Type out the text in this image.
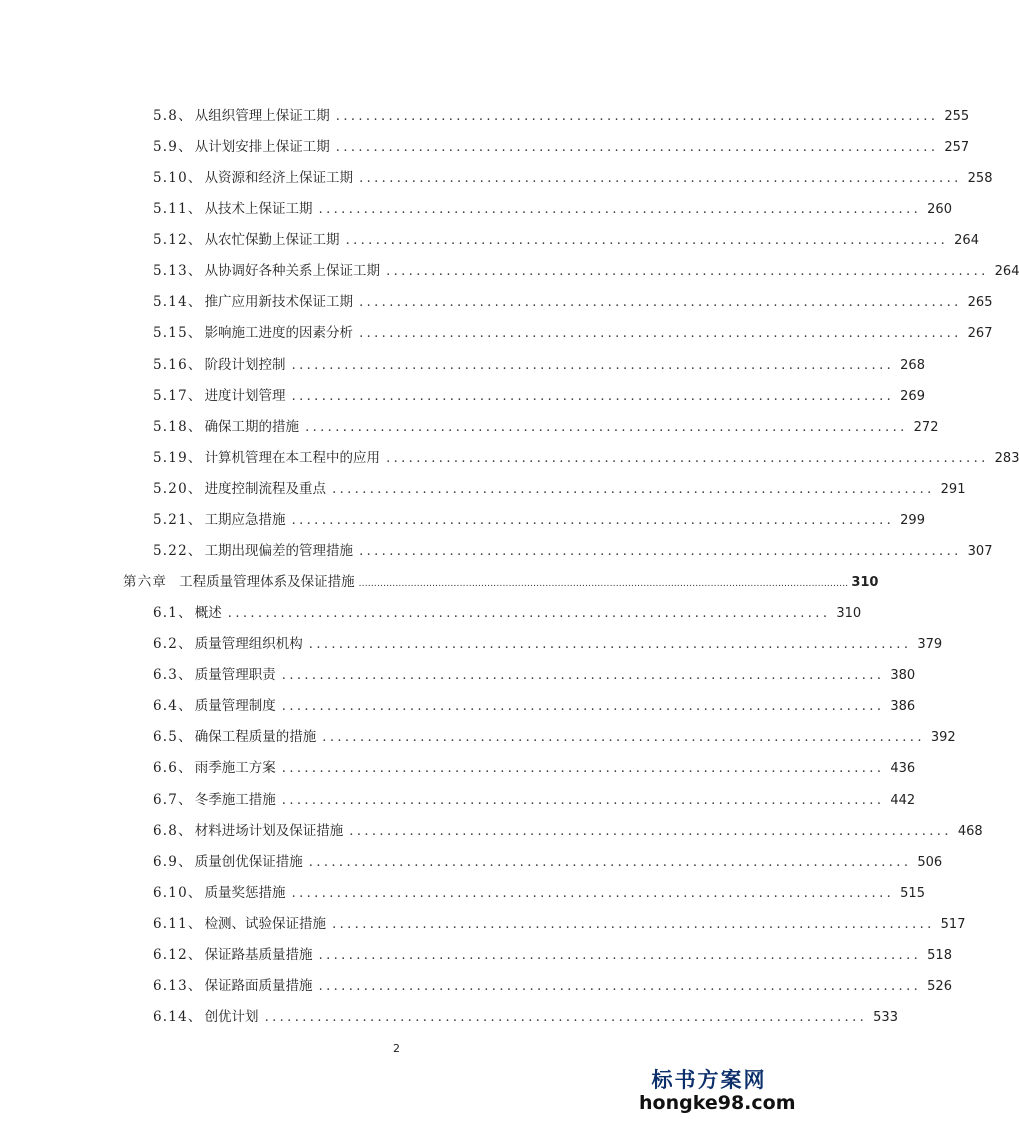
5.8、 从组织管理上保证工期 ................................................................................ 255
5.9、 从计划安排上保证工期 ................................................................................ 257
5.10、 从资源和经济上保证工期 ................................................................................ 258
5.11、 从技术上保证工期 ................................................................................ 260
5.12、 从农忙保勤上保证工期 ................................................................................ 264
5.13、 从协调好各种关系上保证工期 ................................................................................ 264
5.14、 推广应用新技术保证工期 ................................................................................ 265
5.15、 影响施工进度的因素分析 ................................................................................ 267
5.16、 阶段计划控制 ................................................................................ 268
5.17、 进度计划管理 ................................................................................ 269
5.18、 确保工期的措施 ................................................................................ 272
5.19、 计算机管理在本工程中的应用 ................................................................................ 283
5.20、 进度控制流程及重点 ................................................................................ 291
5.21、 工期应急措施 ................................................................................ 299
5.22、 工期出现偏差的管理措施 ................................................................................ 307
第六章 工程质量管理体系及保证措施 ................................................................................................................................................................ 310
6.1、 概述 ................................................................................ 310
6.2、 质量管理组织机构 ................................................................................ 379
6.3、 质量管理职责 ................................................................................ 380
6.4、 质量管理制度 ................................................................................ 386
6.5、 确保工程质量的措施 ................................................................................ 392
6.6、 雨季施工方案 ................................................................................ 436
6.7、 冬季施工措施 ................................................................................ 442
6.8、 材料进场计划及保证措施 ................................................................................ 468
6.9、 质量创优保证措施 ................................................................................ 506
6.10、 质量奖惩措施 ................................................................................ 515
6.11、 检测、试验保证措施 ................................................................................ 517
6.12、 保证路基质量措施 ................................................................................ 518
6.13、 保证路面质量措施 ................................................................................ 526
6.14、 创优计划 ................................................................................ 533
2
标书方案网
hongke98.com
